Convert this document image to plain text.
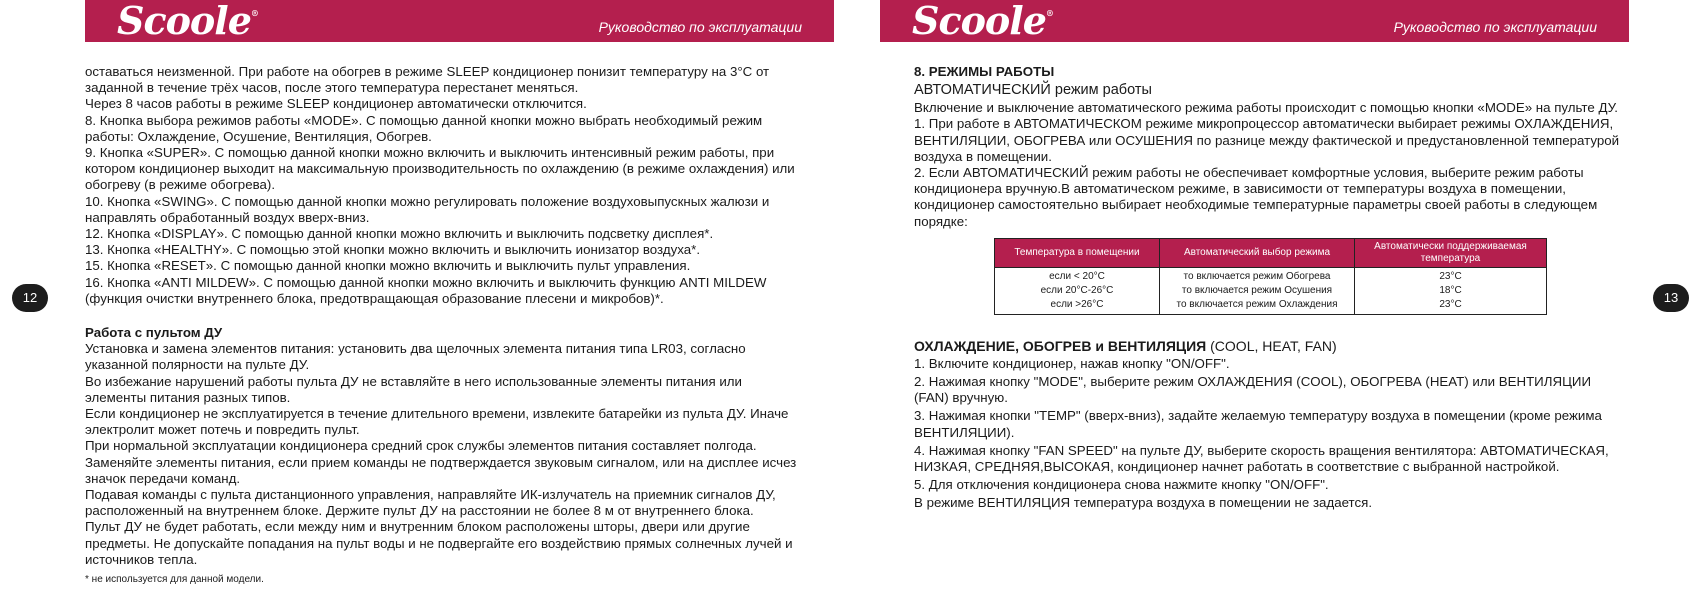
Scoole®
Руководство по эксплуатации	Scoole®
Руководство по эксплуатации
12	13

оставаться неизменной. При работе на обогрев в режиме SLEEP кондиционер понизит температуру на 3°C от заданной в течение трёх часов, после этого температура перестанет меняться.

Через 8 часов работы в режиме SLEEP кондиционер автоматически отключится.

8. Кнопка выбора режимов работы «MODE». С помощью данной кнопки можно выбрать необходимый режим работы: Охлаждение, Осушение, Вентиляция, Обогрев.

9. Кнопка «SUPER». С помощью данной кнопки можно включить и выключить интенсивный режим работы, при котором кондиционер выходит на максимальную производительность по охлаждению (в режиме охлаждения) или обогреву (в режиме обогрева).

10. Кнопка «SWING». С помощью данной кнопки можно регулировать положение воздуховыпускных жалюзи и направлять обработанный воздух вверх-вниз.

12. Кнопка «DISPLAY». С помощью данной кнопки можно включить и выключить подсветку дисплея*.

13. Кнопка «HEALTHY». С помощью этой кнопки можно включить и выключить ионизатор воздуха*.

15. Кнопка «RESET». С помощью данной кнопки можно включить и выключить пульт управления.

16. Кнопка «ANTI MILDEW». С помощью данной кнопки можно включить и выключить функцию ANTI MILDEW (функция очистки внутреннего блока, предотвращающая образование плесени и микробов)*.

Работа с пультом ДУ

Установка и замена элементов питания: установить два щелочных элемента питания типа LR03, согласно указанной полярности на пульте ДУ.

Во избежание нарушений работы пульта ДУ не вставляйте в него использованные элементы питания или элементы питания разных типов.

Если кондиционер не эксплуатируется в течение длительного времени, извлеките батарейки из пульта ДУ. Иначе электролит может потечь и повредить пульт.

При нормальной эксплуатации кондиционера средний срок службы элементов питания составляет полгода. Заменяйте элементы питания, если прием команды не подтверждается звуковым сигналом, или на дисплее исчез значок передачи команд.

Подавая команды с пульта дистанционного управления, направляйте ИК-излучатель на приемник сигналов ДУ, расположенный на внутреннем блоке. Держите пульт ДУ на расстоянии не более 8 м от внутреннего блока.

Пульт ДУ не будет работать, если между ним и внутренним блоком расположены шторы, двери или другие предметы. Не допускайте попадания на пульт воды и не подвергайте его воздействию прямых солнечных лучей и источников тепла.

* не используется для данной модели.

8. РЕЖИМЫ РАБОТЫ

АВТОМАТИЧЕСКИЙ режим работы

Включение и выключение автоматического режима работы происходит с помощью кнопки «MODE» на пульте ДУ.

1. При работе в АВТОМАТИЧЕСКОМ режиме микропроцессор автоматически выбирает режимы ОХЛАЖДЕНИЯ, ВЕНТИЛЯЦИИ, ОБОГРЕВА или ОСУШЕНИЯ по разнице между фактической и предустановленной температурой воздуха в помещении.

2. Если АВТОМАТИЧЕСКИЙ режим работы не обеспечивает комфортные условия, выберите режим работы кондиционера вручную.В автоматическом режиме, в зависимости от температуры воздуха в помещении, кондиционер самостоятельно выбирает необходимые температурные параметры своей работы в следующем порядке:

Температура в помещении	Автоматический выбор режима	Автоматически поддерживаемая температура
если < 20°C	то включается режим Обогрева	23°C
если 20°C-26°C	то включается режим Осушения	18°C
если >26°C	то включается режим Охлаждения	23°C

ОХЛАЖДЕНИЕ, ОБОГРЕВ и ВЕНТИЛЯЦИЯ (COOL, HEAT, FAN)

1. Включите кондиционер, нажав кнопку "ON/OFF".

2. Нажимая кнопку "MODE", выберите режим ОХЛАЖДЕНИЯ (COOL), ОБОГРЕВА (HEAT) или ВЕНТИЛЯЦИИ (FAN) вручную.

3. Нажимая кнопки "TEMP" (вверх-вниз), задайте желаемую температуру воздуха в помещении (кроме режима ВЕНТИЛЯЦИИ).

4. Нажимая кнопку "FAN SPEED" на пульте ДУ, выберите скорость вращения вентилятора: АВТОМАТИЧЕСКАЯ, НИЗКАЯ, СРЕДНЯЯ,ВЫСОКАЯ, кондиционер начнет работать в соответствие с выбранной настройкой.

5. Для отключения кондиционера снова нажмите кнопку "ON/OFF".

В режиме ВЕНТИЛЯЦИЯ температура воздуха в помещении не задается.
